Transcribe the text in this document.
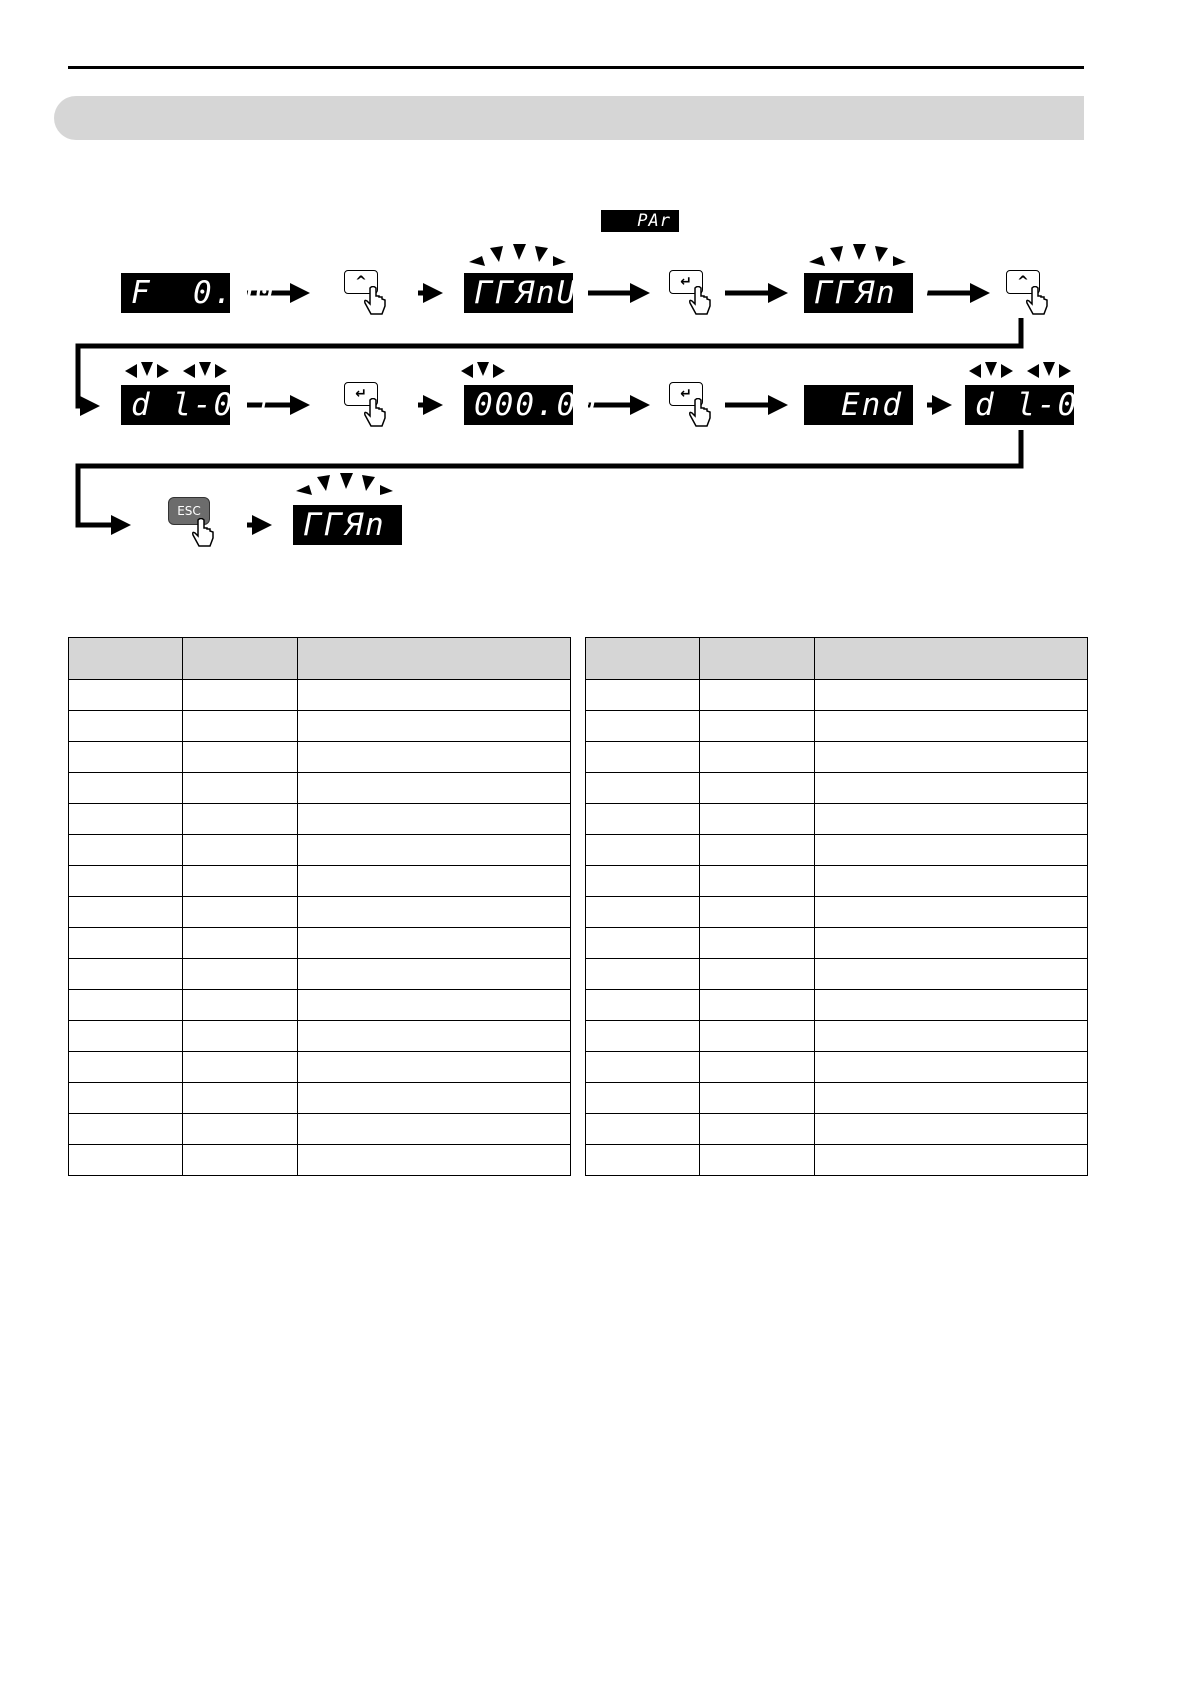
PAr
F  0.00	ГГЯnU	ГГЯn l
d l-0 l	000.00	End	d l-0 l
ГГЯn l
^	↵	^
↵	↵
ESC
